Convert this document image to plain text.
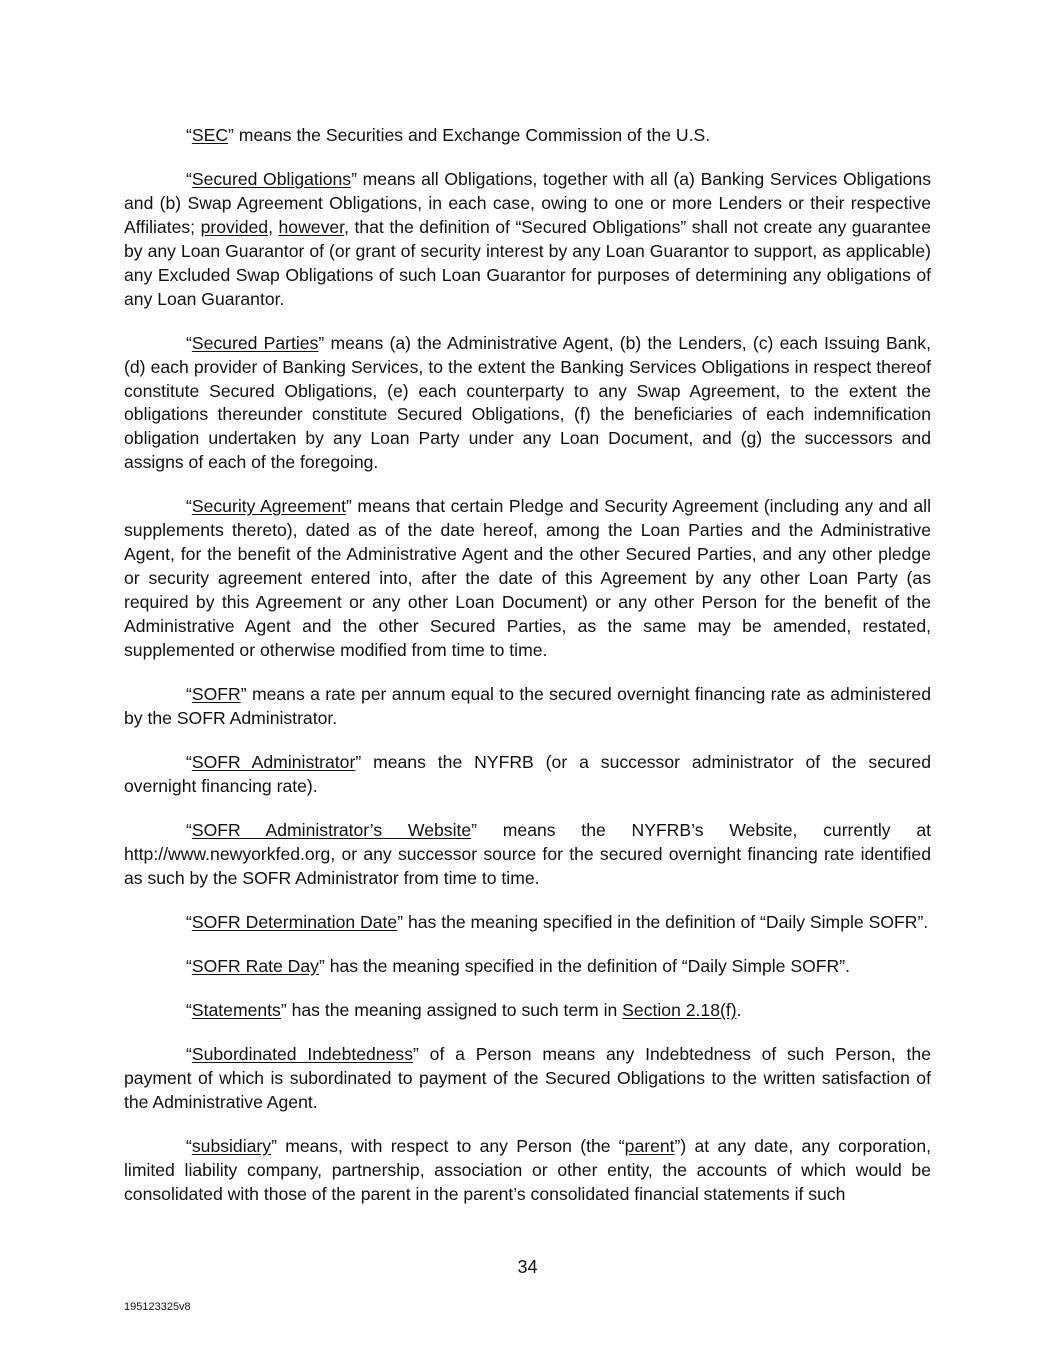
“SEC” means the Securities and Exchange Commission of the U.S.

“Secured Obligations” means all Obligations, together with all (a) Banking Services Obligations and (b) Swap Agreement Obligations, in each case, owing to one or more Lenders or their respective Affiliates; provided, however, that the definition of “Secured Obligations” shall not create any guarantee by any Loan Guarantor of (or grant of security interest by any Loan Guarantor to support, as applicable) any Excluded Swap Obligations of such Loan Guarantor for purposes of determining any obligations of any Loan Guarantor.

“Secured Parties” means (a) the Administrative Agent, (b) the Lenders, (c) each Issuing Bank, (d) each provider of Banking Services, to the extent the Banking Services Obligations in respect thereof constitute Secured Obligations, (e) each counterparty to any Swap Agreement, to the extent the obligations thereunder constitute Secured Obligations, (f) the beneficiaries of each indemnification obligation undertaken by any Loan Party under any Loan Document, and (g) the successors and assigns of each of the foregoing.

“Security Agreement” means that certain Pledge and Security Agreement (including any and all supplements thereto), dated as of the date hereof, among the Loan Parties and the Administrative Agent, for the benefit of the Administrative Agent and the other Secured Parties, and any other pledge or security agreement entered into, after the date of this Agreement by any other Loan Party (as required by this Agreement or any other Loan Document) or any other Person for the benefit of the Administrative Agent and the other Secured Parties, as the same may be amended, restated, supplemented or otherwise modified from time to time.

“SOFR” means a rate per annum equal to the secured overnight financing rate as administered by the SOFR Administrator.

“SOFR Administrator” means the NYFRB (or a successor administrator of the secured overnight financing rate).

“SOFR Administrator’s Website” means the NYFRB’s Website, currently at http://www.newyorkfed.org, or any successor source for the secured overnight financing rate identified as such by the SOFR Administrator from time to time.

“SOFR Determination Date” has the meaning specified in the definition of “Daily Simple SOFR”.

“SOFR Rate Day” has the meaning specified in the definition of “Daily Simple SOFR”.

“Statements” has the meaning assigned to such term in Section 2.18(f).

“Subordinated Indebtedness” of a Person means any Indebtedness of such Person, the payment of which is subordinated to payment of the Secured Obligations to the written satisfaction of the Administrative Agent.

“subsidiary” means, with respect to any Person (the “parent”) at any date, any corporation, limited liability company, partnership, association or other entity, the accounts of which would be consolidated with those of the parent in the parent’s consolidated financial statements if such

34
195123325v8
